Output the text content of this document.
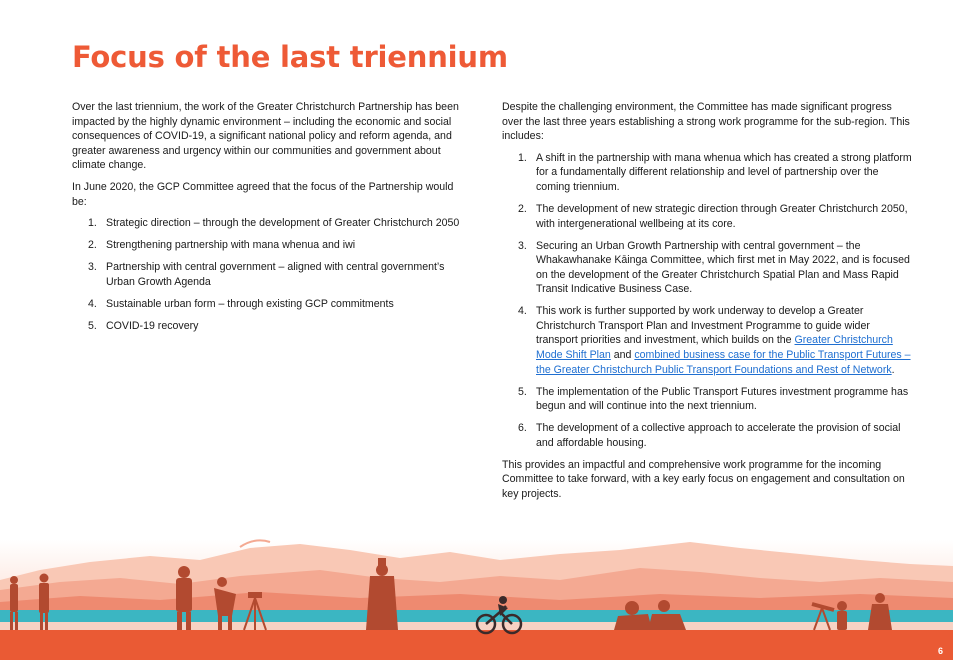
Focus of the last triennium

Over the last triennium, the work of the Greater Christchurch Partnership has been impacted by the highly dynamic environment – including the economic and social consequences of COVID-19, a significant national policy and reform agenda, and greater awareness and urgency within our communities and government about climate change.

In June 2020, the GCP Committee agreed that the focus of the Partnership would be:

1. Strategic direction – through the development of Greater Christchurch 2050
2. Strengthening partnership with mana whenua and iwi
3. Partnership with central government – aligned with central government’s Urban Growth Agenda
4. Sustainable urban form – through existing GCP commitments
5. COVID-19 recovery

Despite the challenging environment, the Committee has made significant progress over the last three years establishing a strong work programme for the sub-region. This includes:

1. A shift in the partnership with mana whenua which has created a strong platform for a fundamentally different relationship and level of partnership over the coming triennium.
2. The development of new strategic direction through Greater Christchurch 2050, with intergenerational wellbeing at its core.
3. Securing an Urban Growth Partnership with central government – the Whakawhanake Kāinga Committee, which first met in May 2022, and is focused on the development of the Greater Christchurch Spatial Plan and Mass Rapid Transit Indicative Business Case.
4. This work is further supported by work underway to develop a Greater Christchurch Transport Plan and Investment Programme to guide wider transport priorities and investment, which builds on the Greater Christchurch Mode Shift Plan and combined business case for the Public Transport Futures – the Greater Christchurch Public Transport Foundations and Rest of Network.
5. The implementation of the Public Transport Futures investment programme has begun and will continue into the next triennium.
6. The development of a collective approach to accelerate the provision of social and affordable housing.

This provides an impactful and comprehensive work programme for the incoming Committee to take forward, with a key early focus on engagement and consultation on key projects.

6
